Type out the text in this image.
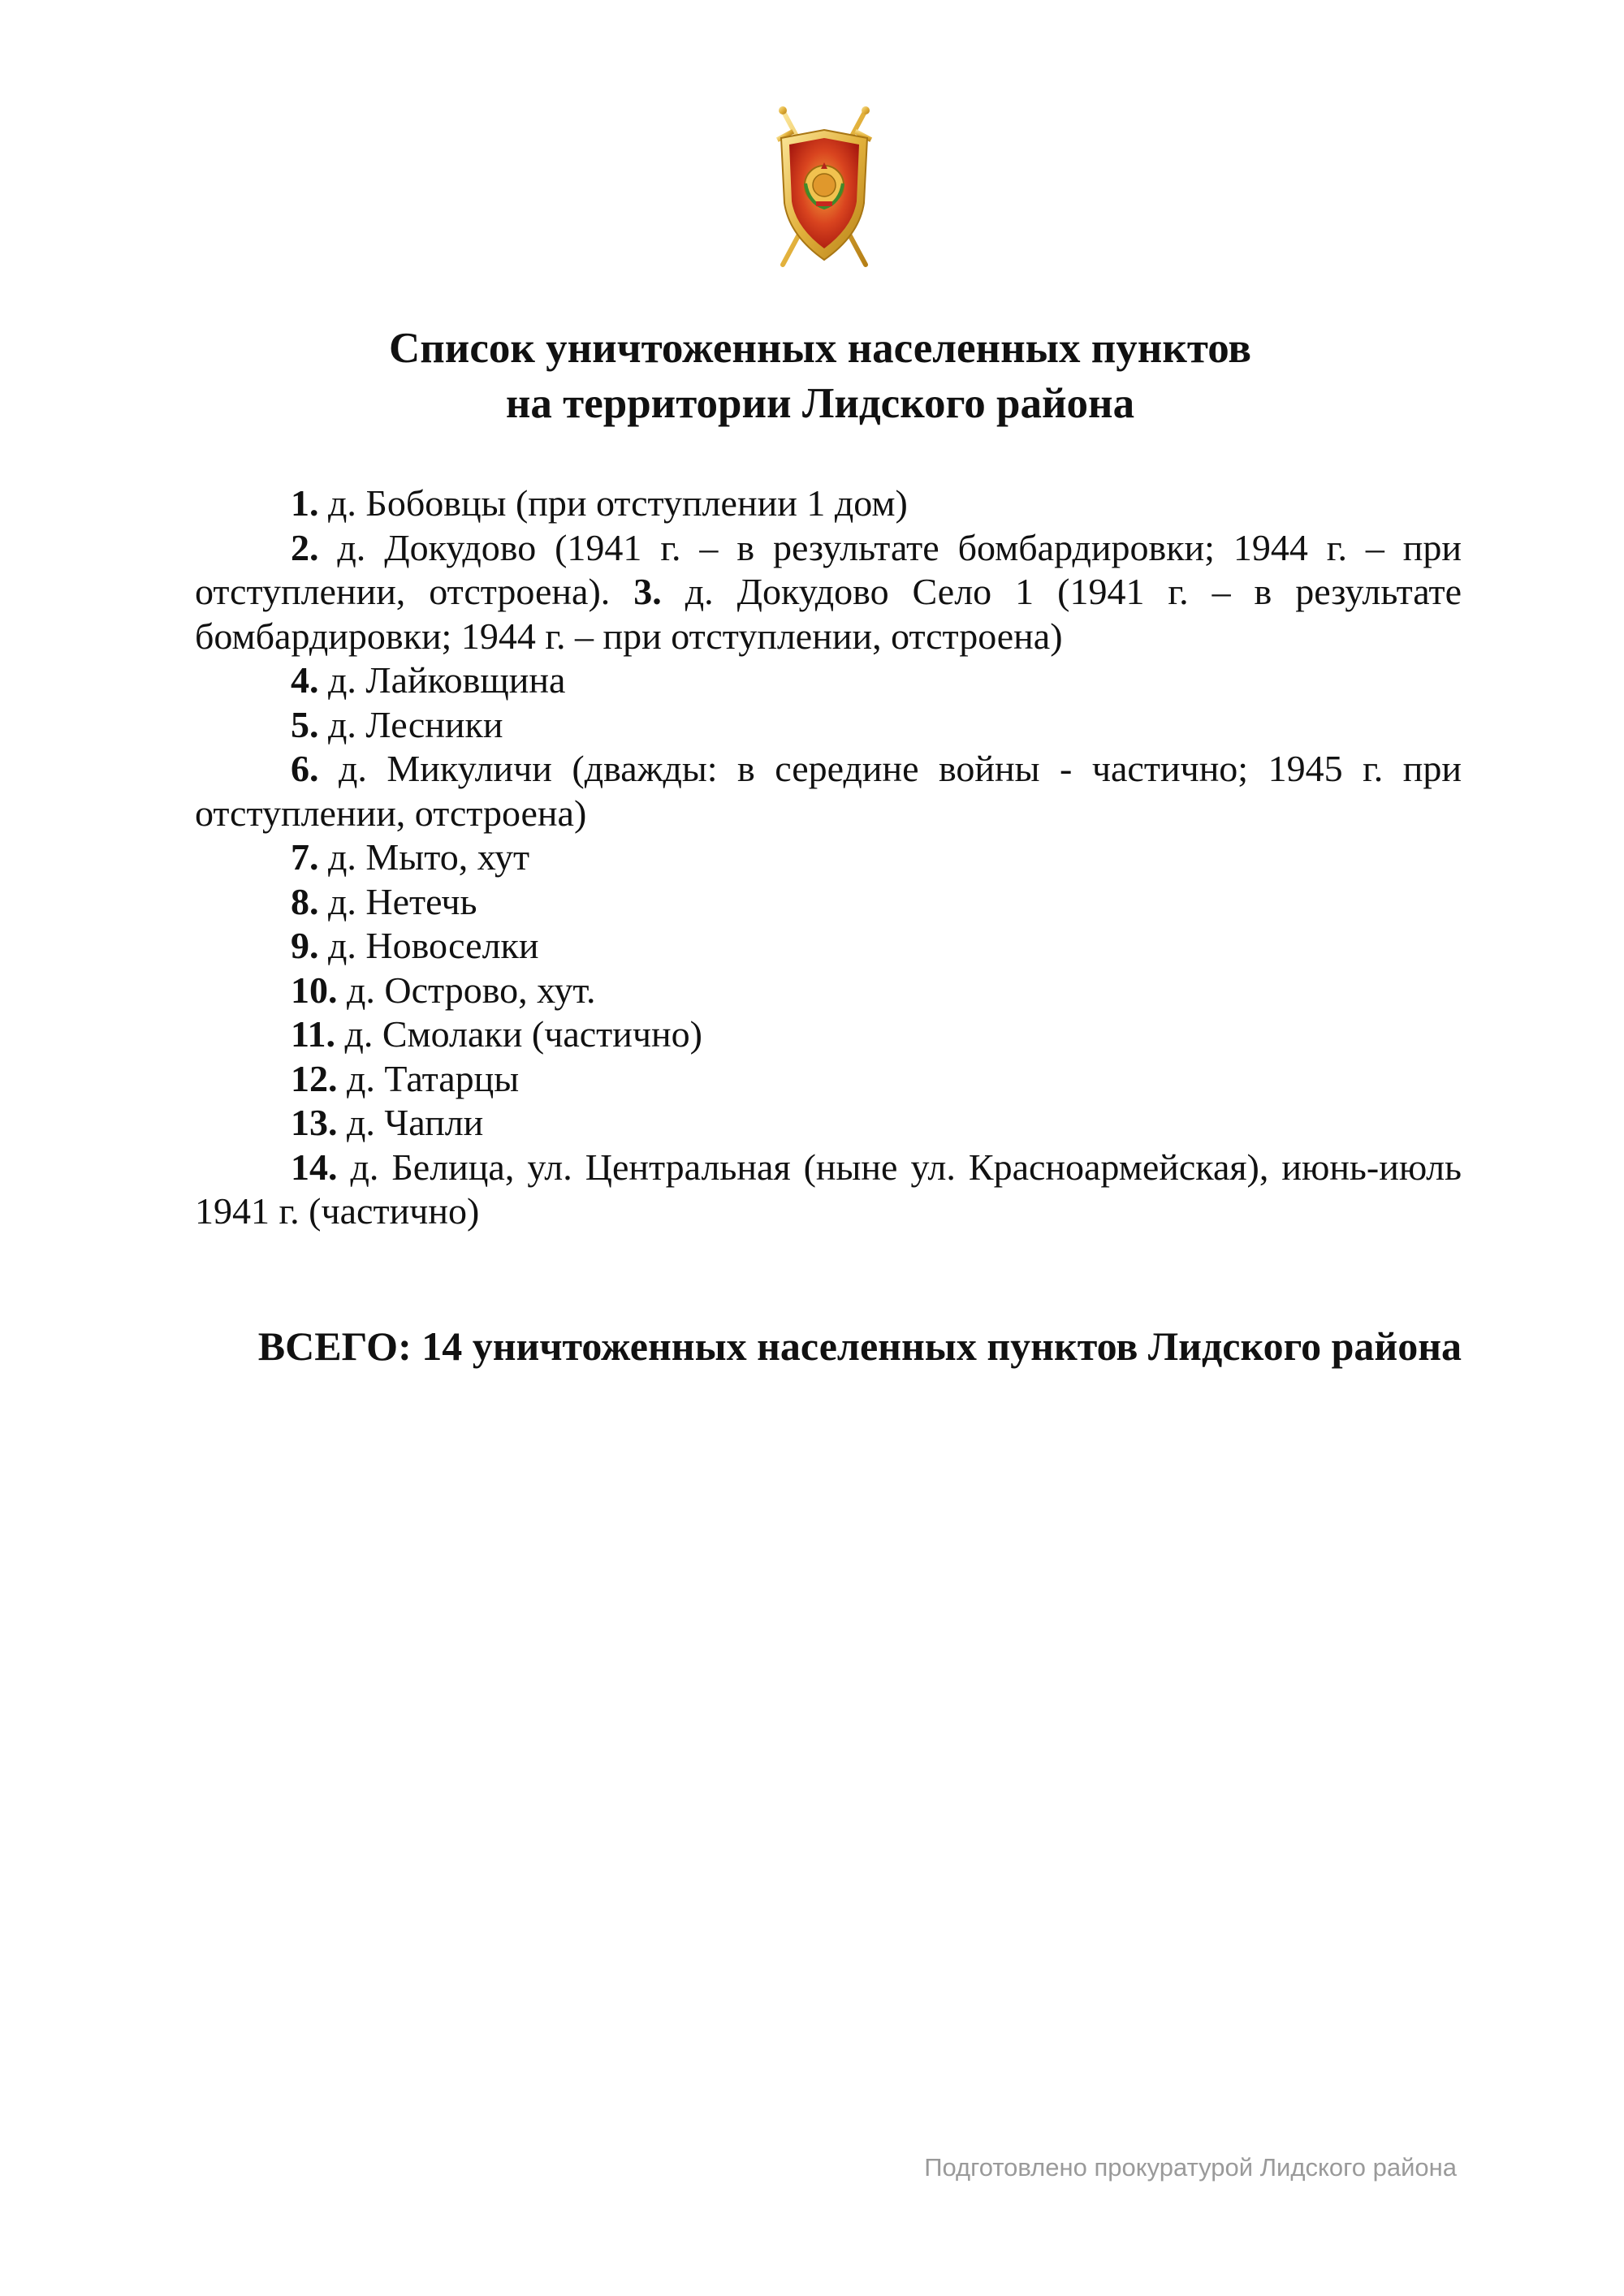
Список уничтоженных населенных пунктов
на территории Лидского района

1. д. Бобовцы (при отступлении 1 дом)

2. д. Докудово (1941 г. – в результате бомбардировки; 1944 г. – при отступлении, отстроена). 3. д. Докудово Село 1 (1941 г. – в результате бомбардировки; 1944 г. – при отступлении, отстроена)

4. д. Лайковщина

5. д. Лесники

6. д. Микуличи (дважды: в середине войны - частично; 1945 г. при отступлении, отстроена)

7. д. Мыто, хут

8. д. Нетечь

9. д. Новоселки

10. д. Острово, хут.

11. д. Смолаки (частично)

12. д. Татарцы

13. д. Чапли

14. д. Белица, ул. Центральная (ныне ул. Красноармейская), июнь-июль 1941 г. (частично)

ВСЕГО: 14 уничтоженных населенных пунктов Лидского района

Подготовлено прокуратурой Лидского района
